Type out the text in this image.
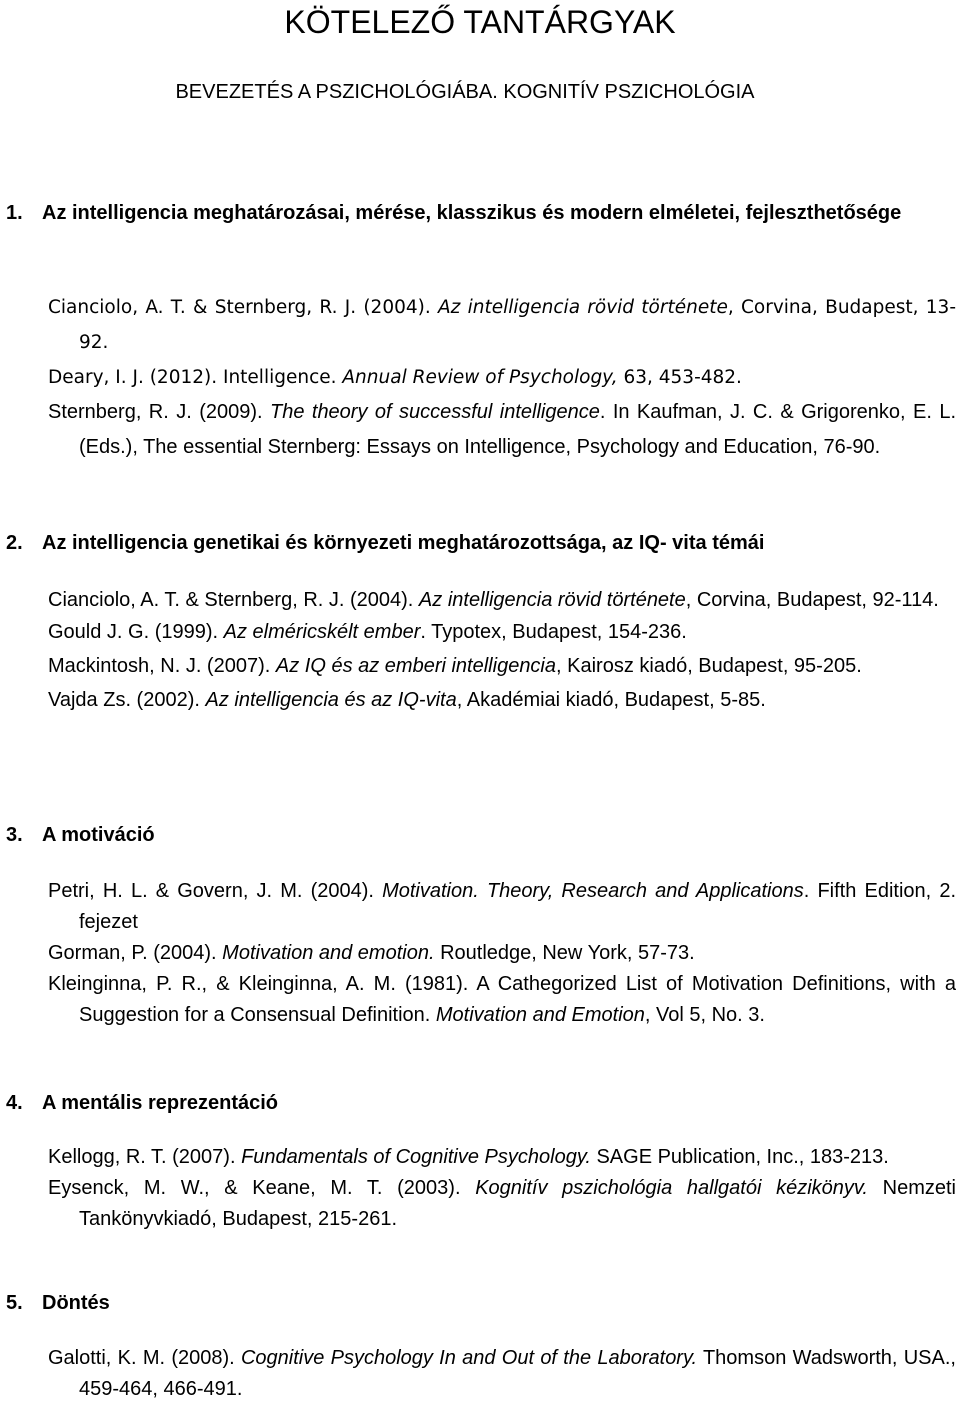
KÖTELEZŐ TANTÁRGYAK

BEVEZETÉS A PSZICHOLÓGIÁBA. KOGNITÍV PSZICHOLÓGIA

1. Az intelligencia meghatározásai, mérése, klasszikus és modern elméletei, fejleszthetősége
Cianciolo, A. T. & Sternberg, R. J. (2004). Az intelligencia rövid története, Corvina, Budapest, 13-92.
Deary, I. J. (2012). Intelligence. Annual Review of Psychology, 63, 453-482.
Sternberg, R. J. (2009). The theory of successful intelligence. In Kaufman, J. C. & Grigorenko, E. L. (Eds.), The essential Sternberg: Essays on Intelligence, Psychology and Education, 76-90.
2. Az intelligencia genetikai és környezeti meghatározottsága, az IQ- vita témái
Cianciolo, A. T. & Sternberg, R. J. (2004). Az intelligencia rövid története, Corvina, Budapest, 92-114.
Gould J. G. (1999). Az elméricskélt ember. Typotex, Budapest, 154-236.
Mackintosh, N. J. (2007). Az IQ és az emberi intelligencia, Kairosz kiadó, Budapest, 95-205.
Vajda Zs. (2002). Az intelligencia és az IQ-vita, Akadémiai kiadó, Budapest, 5-85.
3. A motiváció
Petri, H. L. & Govern, J. M. (2004). Motivation. Theory, Research and Applications. Fifth Edition, 2. fejezet
Gorman, P. (2004). Motivation and emotion. Routledge, New York, 57-73.
Kleinginna, P. R., & Kleinginna, A. M. (1981). A Cathegorized List of Motivation Definitions, with a Suggestion for a Consensual Definition. Motivation and Emotion, Vol 5, No. 3.
4. A mentális reprezentáció
Kellogg, R. T. (2007). Fundamentals of Cognitive Psychology. SAGE Publication, Inc., 183-213.
Eysenck, M. W., & Keane, M. T. (2003). Kognitív pszichológia hallgatói kézikönyv. Nemzeti Tankönyvkiadó, Budapest, 215-261.
5. Döntés
Galotti, K. M. (2008). Cognitive Psychology In and Out of the Laboratory. Thomson Wadsworth, USA., 459-464, 466-491.
